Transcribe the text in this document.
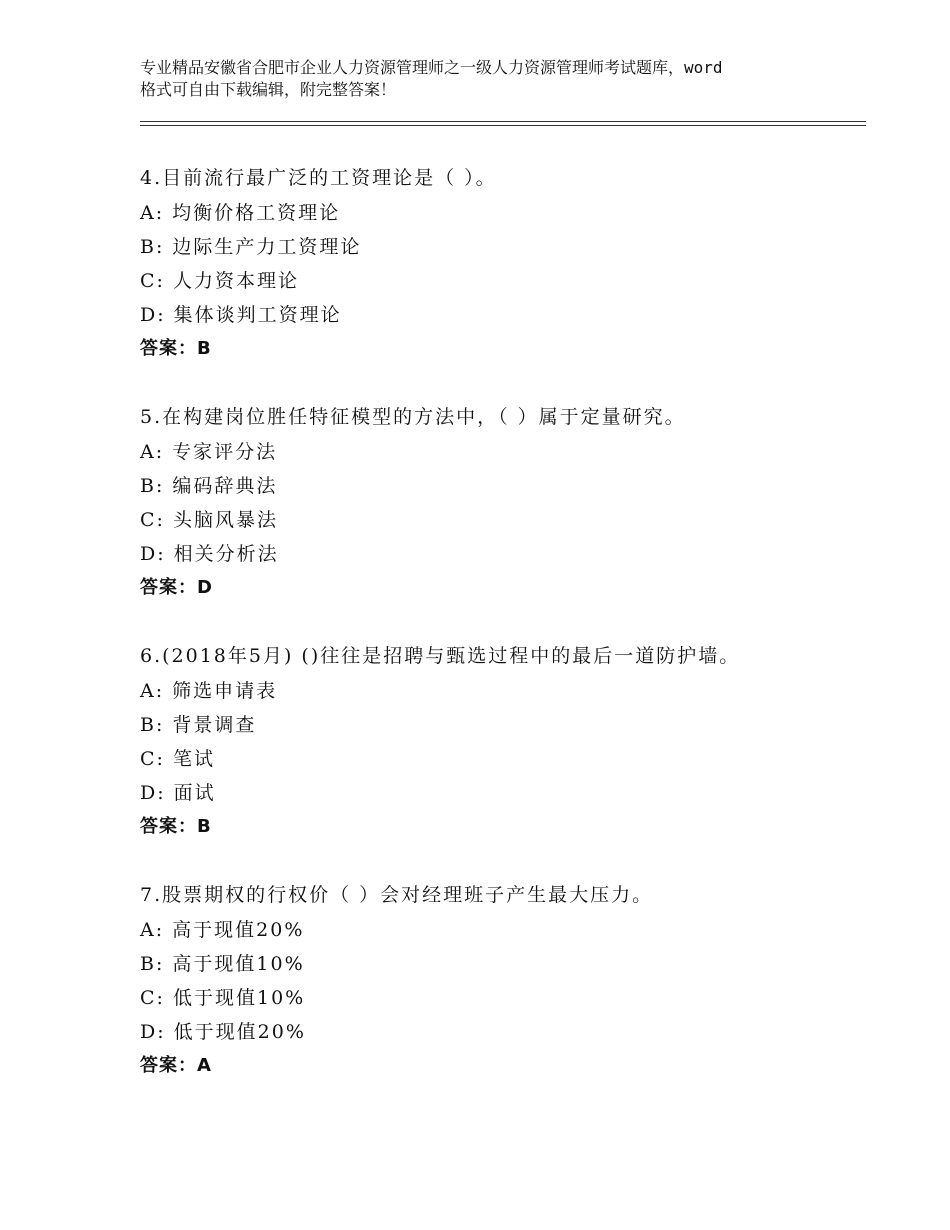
专业精品安徽省合肥市企业人力资源管理师之一级人力资源管理师考试题库，word
格式可自由下载编辑，附完整答案！
4.目前流行最广泛的工资理论是（ ）。
A: 均衡价格工资理论
B: 边际生产力工资理论
C: 人力资本理论
D: 集体谈判工资理论
答案：B
5.在构建岗位胜任特征模型的方法中，（ ）属于定量研究。
A: 专家评分法
B: 编码辞典法
C: 头脑风暴法
D: 相关分析法
答案：D
6.(2018年5月) ()往往是招聘与甄选过程中的最后一道防护墙。
A: 筛选申请表
B: 背景调查
C: 笔试
D: 面试
答案：B
7.股票期权的行权价（ ）会对经理班子产生最大压力。
A: 高于现值20%
B: 高于现值10%
C: 低于现值10%
D: 低于现值20%
答案：A
